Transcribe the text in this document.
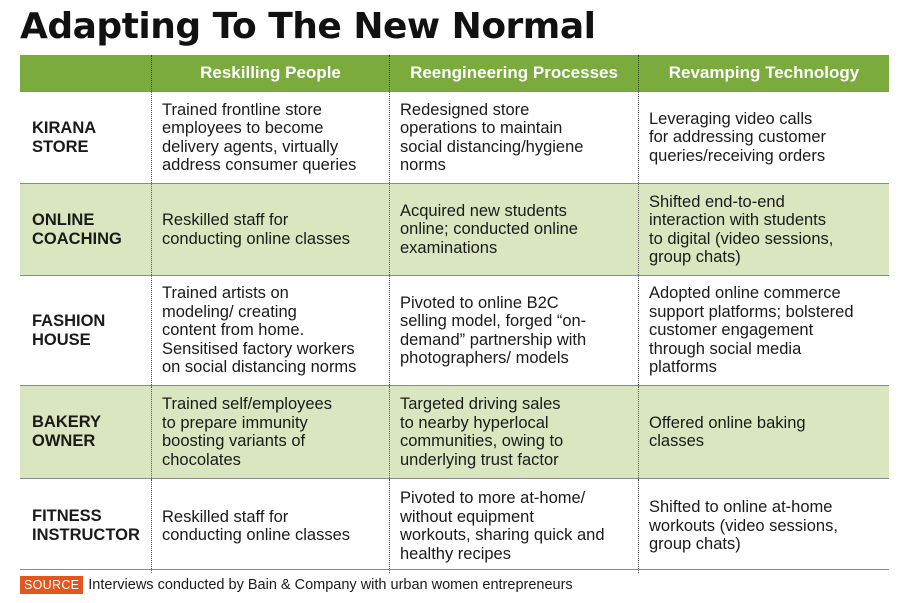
Adapting To The New Normal
Reskilling People	Reengineering Processes	Revamping Technology
KIRANA
STORE
Trained frontline store
employees to become
delivery agents, virtually
address consumer queries
Redesigned store
operations to maintain
social distancing/hygiene
norms
Leveraging video calls
for addressing customer
queries/receiving orders
ONLINE
COACHING
Reskilled staff for
conducting online classes
Acquired new students
online; conducted online
examinations
Shifted end-to-end
interaction with students
to digital (video sessions,
group chats)
FASHION
HOUSE
Trained artists on
modeling/ creating
content from home.
Sensitised factory workers
on social distancing norms
Pivoted to online B2C
selling model, forged “on-
demand” partnership with
photographers/ models
Adopted online commerce
support platforms; bolstered
customer engagement
through social media
platforms
BAKERY
OWNER
Trained self/employees
to prepare immunity
boosting variants of
chocolates
Targeted driving sales
to nearby hyperlocal
communities, owing to
underlying trust factor
Offered online baking
classes
FITNESS
INSTRUCTOR
Reskilled staff for
conducting online classes
Pivoted to more at-home/
without equipment
workouts, sharing quick and
healthy recipes
Shifted to online at-home
workouts (video sessions,
group chats)
SOURCE Interviews conducted by Bain & Company with urban women entrepreneurs
